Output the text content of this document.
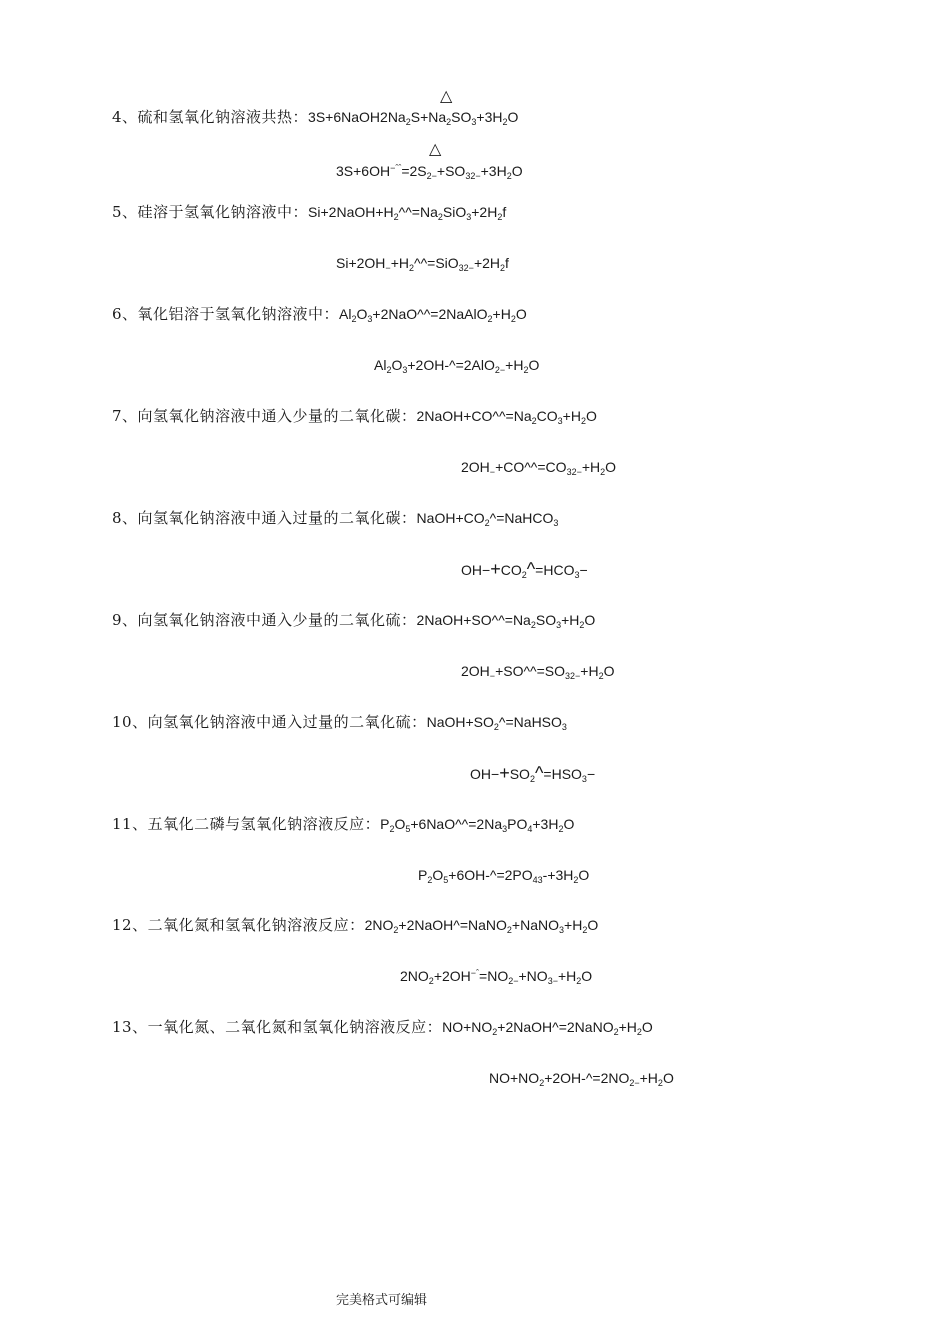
△
4、硫和氢氧化钠溶液共热：$3S+6NaOH2Na_2S+Na_2SO_3+3H_2O$
△
$3S+6OH^{-ˆˆ}=2S_{2-}+SO_{32-}+3H_2O$
5、硅溶于氢氧化钠溶液中：$Si+2NaOH+H_2\^{}\^{}=Na_2SiO_3+2H_2f$
$Si+2OH_-+H_2\^{}\^{}=SiO_{32-}+2H_2f$
6、氧化铝溶于氢氧化钠溶液中：$Al_2O_3+2NaO\^{}\^{}=2NaAlO_2+H_2O$
$Al_2O_3+2OH-\^{}=2AlO_{2-}+H_2O$
7、向氢氧化钠溶液中通入少量的二氧化碳：$2NaOH+CO\^{}\^{}=Na_2CO_3+H_2O$
$2OH_-+CO\^{}\^{}=CO_{32-}+H_2O$
8、向氢氧化钠溶液中通入过量的二氧化碳：$NaOH+CO_2\^{}=NaHCO_3$
$OH-+CO_2\^{}=HCO_3-$
9、向氢氧化钠溶液中通入少量的二氧化硫：$2NaOH+SO\^{}\^{}=Na_2SO_3+H_2O$
$2OH_-+SO\^{}\^{}=SO_{32-}+H_2O$
10、向氢氧化钠溶液中通入过量的二氧化硫：$NaOH+SO_2\^{}=NaHSO_3$
$OH-+SO_2\^{}=HSO_3-$
11、五氧化二磷与氢氧化钠溶液反应：$P_2O_5+6NaO\^{}\^{}=2Na_3PO_4+3H_2O$
$P_2O_5+6OH-\^{}=2PO_{43}-+3H_2O$
12、二氧化氮和氢氧化钠溶液反应：$2NO_2+2NaOH\^{}=NaNO_2+NaNO_3+H_2O$
$2NO_2+2OH^{-ˆ}=NO_{2-}+NO_{3-}+H_2O$
13、一氧化氮、二氧化氮和氢氧化钠溶液反应：$NO+NO_2+2NaOH\^{}=2NaNO_2+H_2O$
$NO+NO_2+2OH-\^{}=2NO_{2-}+H_2O$
完美格式可编辑
